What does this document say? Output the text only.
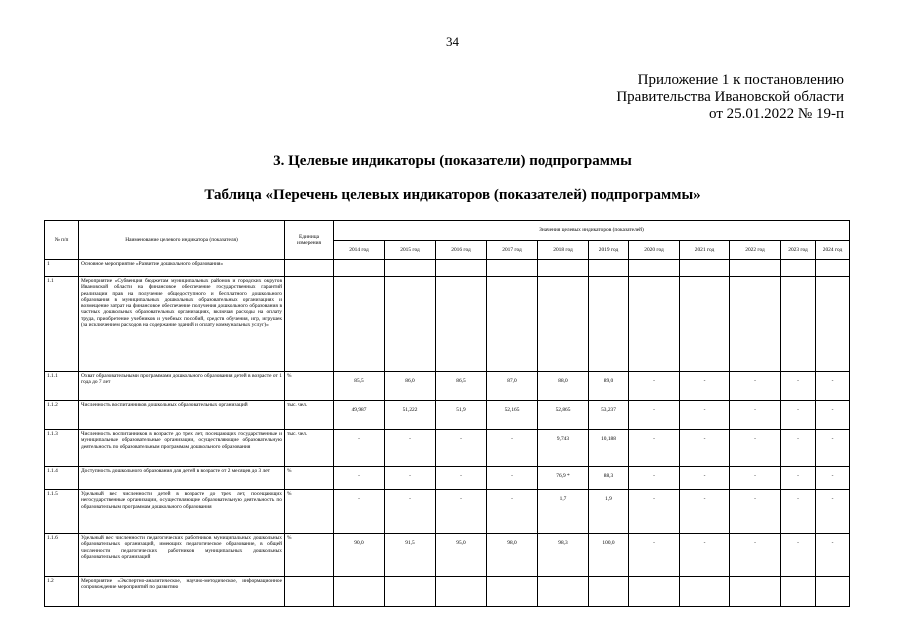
34
Приложение 1 к постановлению
Правительства Ивановской области
от 25.01.2022 № 19-п
3. Целевые индикаторы (показатели) подпрограммы
Таблица «Перечень целевых индикаторов (показателей) подпрограммы»
№ п/п	Наименование целевого индикатора (показателя)	Единица измерения	Значения целевых индикаторов (показателей)										
			2014 год	2015 год	2016 год	2017 год	2018 год	2019 год	2020 год	2021 год	2022 год	2023 год	2024 год
1	Основное мероприятие «Развитие дошкольного образования»												
1.1	Мероприятие «Субвенция бюджетам муниципальных районов и городских округов Ивановской области на финансовое обеспечение государственных гарантий реализации прав на получение общедоступного и бесплатного дошкольного образования в муниципальных дошкольных образовательных организациях и возмещение затрат на финансовое обеспечение получения дошкольного образования в частных дошкольных образовательных организациях, включая расходы на оплату труда, приобретение учебников и учебных пособий, средств обучения, игр, игрушек (за исключением расходов на содержание зданий и оплату коммунальных услуг)»												
1.1.1	Охват образовательными программами дошкольного образования детей в возрасте от 1 года до 7 лет	%	85,5	86,0	86,5	87,0	88,0	89,0	-	-	-	-	-
1.1.2	Численность воспитанников дошкольных образовательных организаций	тыс. чел.	49,987	51,222	51,9	52,165	52,865	53,237	-	-	-	-	-
1.1.3	Численность воспитанников в возрасте до трех лет, посещающих государственные и муниципальные образовательные организации, осуществляющие образовательную деятельность по образовательным программам дошкольного образования	тыс. чел.	-	-	-	-	9,743	10,188	-	-	-	-	-
1.1.4	Доступность дошкольного образования для детей в возрасте от 2 месяцев до 3 лет	%	-	-	-	-	76,9 *	88,3	-	-	-	-	-
1.1.5	Удельный вес численности детей в возрасте до трех лет, посещающих негосударственные организации, осуществляющие образовательную деятельность по образовательным программам дошкольного образования	%	-	-	-	-	1,7	1,9	-	-	-	-	-
1.1.6	Удельный вес численности педагогических работников муниципальных дошкольных образовательных организаций, имеющих педагогическое образование, в общей численности педагогических работников муниципальных дошкольных образовательных организаций	%	90,0	91,5	95,0	98,0	98,3	100,0	-	-	-	-	-
1.2	Мероприятие «Экспертно-аналитическое, научно-методическое, информационное сопровождение мероприятий по развитию												
